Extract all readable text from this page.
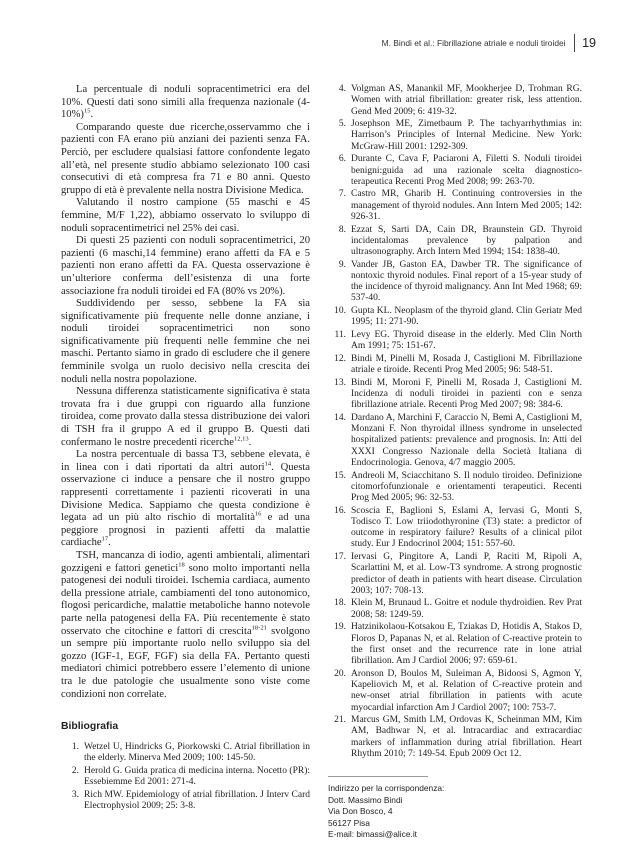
M. Bindi et al.: Fibrillazione atriale e noduli tiroidei 19

La percentuale di noduli sopracentimetrici era del 10%. Questi dati sono simili alla frequenza nazionale $(4-10\%)^{15}$.

Comparando queste due ricerche,osservammo che i pazienti con FA erano più anziani dei pazienti senza FA. Perciò, per escludere qualsiasi fattore confondente legato all’età, nel presente studio abbiamo selezionato 100 casi consecutivi di età compresa fra 71 e 80 anni. Questo gruppo di età è prevalente nella nostra Divisione Medica.

Valutando il nostro campione (55 maschi e 45 femmine, M/F 1,22), abbiamo osservato lo sviluppo di noduli sopracentimetrici nel 25% dei casi.

Di questi 25 pazienti con noduli sopracentimetrici, 20 pazienti (6 maschi,14 femmine) erano affetti da FA e 5 pazienti non erano affetti da FA. Questa osservazione è un’ulteriore conferma dell’esistenza di una forte associazione fra noduli tiroidei ed FA (80% vs 20%).

Suddividendo per sesso, sebbene la FA sia significativamente più frequente nelle donne anziane, i noduli tiroidei sopracentimetrici non sono significativamente più frequenti nelle femmine che nei maschi. Pertanto siamo in grado di escludere che il genere femminile svolga un ruolo decisivo nella crescita dei noduli nella nostra popolazione.

Nessuna differenza statisticamente significativa è stata trovata fra i due gruppi con riguardo alla funzione tiroidea, come provato dalla stessa distribuzione dei valori di TSH fra il gruppo A ed il gruppo B. Questi dati confermano le nostre precedenti ricerche$^{12,13}$.

La nostra percentuale di bassa T3, sebbene elevata, è in linea con i dati riportati da altri autori$^{14}$. Questa osservazione ci induce a pensare che il nostro gruppo rappresenti correttamente i pazienti ricoverati in una Divisione Medica. Sappiamo che questa condizione è legata ad un più alto rischio di mortalità$^{16}$ e ad una peggiore prognosi in pazienti affetti da malattie cardiache$^{17}$.

TSH, mancanza di iodio, agenti ambientali, alimentari gozzigeni e fattori genetici$^{18}$ sono molto importanti nella patogenesi dei noduli tiroidei. Ischemia cardiaca, aumento della pressione atriale, cambiamenti del tono autonomico, flogosi pericardiche, malattie metaboliche hanno notevole parte nella patogenesi della FA. Più recentemente è stato osservato che citochine e fattori di crescita$^{18-21}$ svolgono un sempre più importante ruolo nello sviluppo sia del gozzo (IGF-1, EGF, FGF) sia della FA. Pertanto questi mediatori chimici potrebbero essere l’elemento di unione tra le due patologie che usualmente sono viste come condizioni non correlate.

Bibliografia
1. Wetzel U, Hindricks G, Piorkowski C. Atrial fibrillation in the elderly. Minerva Med 2009; 100: 145-50.
2. Herold G. Guida pratica di medicina interna. Nocetto (PR): Essebiemme Ed 2001: 271-4.
3. Rich MW. Epidemiology of atrial fibrillation. J Interv Card Electrophysiol 2009; 25: 3-8.
4. Volgman AS, Manankil MF, Mookherjee D, Trohman RG. Women with atrial fibrillation: greater risk, less attention. Gend Med 2009; 6: 419-32.
5. Josephson ME, Zimetbaum P. The tachyarrhythmias in: Harrison’s Principles of Internal Medicine. New York: McGraw-Hill 2001: 1292-309.
6. Durante C, Cava F, Paciaroni A, Filetti S. Noduli tiroidei benigni:guida ad una razionale scelta diagnostico-terapeutica Recenti Prog Med 2008; 99: 263-70.
7. Castro MR, Gharib H. Continuing controversies in the management of thyroid nodules. Ann Intern Med 2005; 142: 926-31.
8. Ezzat S, Sarti DA, Cain DR, Braunstein GD. Thyroid incidentalomas prevalence by palpation and ultrasonography. Arch Intern Med 1994; 154: 1838-40.
9. Vander JB, Gaston EA, Dawber TR. The significance of nontoxic thyroid nodules. Final report of a 15-year study of the incidence of thyroid malignancy. Ann Int Med 1968; 69: 537-40.
10. Gupta KL. Neoplasm of the thyroid gland. Clin Geriatr Med 1995; 11: 271-90.
11. Levy EG. Thyroid disease in the elderly. Med Clin North Am 1991; 75: 151-67.
12. Bindi M, Pinelli M, Rosada J, Castiglioni M. Fibrillazione atriale e tiroide. Recenti Prog Med 2005; 96: 548-51.
13. Bindi M, Moroni F, Pinelli M, Rosada J, Castiglioni M. Incidenza di noduli tiroidei in pazienti con e senza fibrillazione atriale. Recenti Prog Med 2007; 98: 384-6.
14. Dardano A, Marchini F, Caraccio N, Bemi A, Castiglioni M, Monzani F. Non thyroidal illness syndrome in unselected hospitalized patients: prevalence and prognosis. In: Atti del XXXI Congresso Nazionale della Società Italiana di Endocrinologia. Genova, 4/7 maggio 2005.
15. Andreoli M, Sciacchitano S. Il nodulo tiroideo. Definizione citomorfofunzionale e orientamenti terapeutici. Recenti Prog Med 2005; 96: 32-53.
16. Scoscia E, Baglioni S, Eslami A, Iervasi G, Monti S, Todisco T. Low triiodothyronine (T3) state: a predictor of outcome in respiratory failure? Results of a clinical pilot study. Eur J Endocrinol 2004; 151: 557-60.
17. Iervasi G, Pingitore A, Landi P, Raciti M, Ripoli A, Scarlattini M, et al. Low-T3 syndrome. A strong prognostic predictor of death in patients with heart disease. Circulation 2003; 107: 708-13.
18. Klein M, Brunaud L. Goitre et nodule thydroidien. Rev Prat 2008; 58: 1249-59.
19. Hatzinikolaou-Kotsakou E, Tziakas D, Hotidis A, Stakos D, Floros D, Papanas N, et al. Relation of C-reactive protein to the first onset and the recurrence rate in lone atrial fibrillation. Am J Cardiol 2006; 97: 659-61.
20. Aronson D, Boulos M, Suleiman A, Bidoosi S, Agmon Y, Kapeliovich M, et al. Relation of C-reactive protein and new-onset atrial fibrillation in patients with acute myocardial infarction Am J Cardiol 2007; 100: 753-7.
21. Marcus GM, Smith LM, Ordovas K, Scheinman MM, Kim AM, Badhwar N, et al. Intracardiac and extracardiac markers of inflammation during atrial fibrillation. Heart Rhythm 2010; 7: 149-54. Epub 2009 Oct 12.
Indirizzo per la corrispondenza:
Dott. Massimo Bindi
Via Don Bosco, 4
56127 Pisa
E-mail: bimassi@alice.it
